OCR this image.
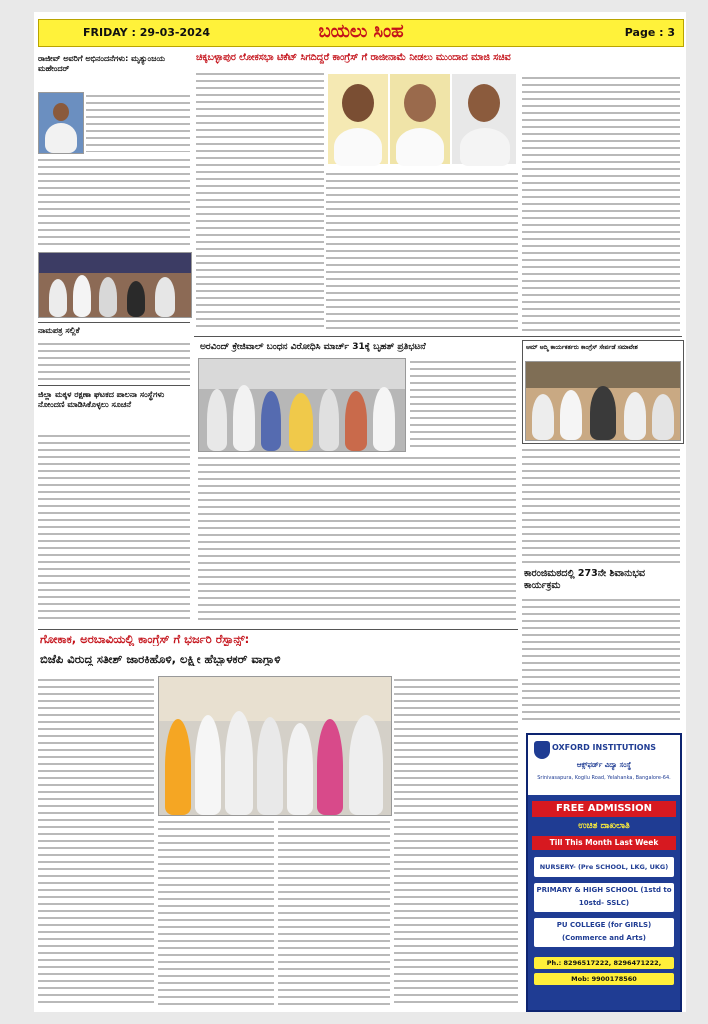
FRIDAY : 29-03-2024	ಬಯಲು ಸಿಂಹ	Page : 3
ರಾಜೀವ್ ಅವರಿಗೆ ಅಭಿನಂದನೆಗಳು: ಮೃತ್ಯುಂಜಯ ಮಹೇಂದರ್
ನಾಮಪತ್ರ ಸಲ್ಲಿಕೆ
ಜಿಲ್ಲಾ ಮಕ್ಕಳ ರಕ್ಷಣಾ ಘಟಕದ ಪಾಲನಾ ಸಂಸ್ಥೆಗಳು ನೋಂದಣಿ ಮಾಡಿಸಿಕೊಳ್ಳಲು ಸೂಚನೆ
ಚಿಕ್ಕಬಳ್ಳಾಪುರ ಲೋಕಸಭಾ ಟಿಕೆಟ್ ಸಿಗದಿದ್ದರೆ ಕಾಂಗ್ರೆಸ್ ಗೆ ರಾಜೀನಾಮೆ ನೀಡಲು ಮುಂದಾದ ಮಾಜಿ ಸಚಿವ
ಅರವಿಂದ್ ಕ್ರೇಜಿವಾಲ್ ಬಂಧನ ವಿರೋಧಿಸಿ ಮಾರ್ಚ್ 31ಕ್ಕೆ ಬೃಹತ್ ಪ್ರತಿಭಟನೆ	ಆಮ್ ಆದ್ಮಿ ಕಾರ್ಯಕರ್ತರು ಕಾಂಗ್ರೆಸ್ ಸೇರ್ಪಡೆ ಸಮಾವೇಶ
ಕಾರಂಜಿಮಠದಲ್ಲಿ 273ನೇ ಶಿವಾನುಭವ ಕಾರ್ಯಕ್ರಮ
ಗೋಕಾಕ, ಅರಬಾವಿಯಲ್ಲಿ ಕಾಂಗ್ರೆಸ್ ಗೆ ಭರ್ಜರಿ ರೆಸ್ಪಾನ್ಸ್:
ಬಿಜೆಪಿ ವಿರುದ್ಧ ಸತೀಶ್ ಜಾರಕಿಹೊಳಿ, ಲಕ್ಷ್ಮೀ ಹೆಬ್ಬಾಳಕರ್ ವಾಗ್ದಾಳಿ
OXFORD INSTITUTIONS
ಆಕ್ಸ್‌ಫರ್ಡ್ ವಿದ್ಯಾ ಸಂಸ್ಥೆ
Srinivasapura, Kogilu Road, Yelahanka, Bangalore-64.
FREE ADMISSION
ಉಚಿತ ದಾಖಲಾತಿ
Till This Month Last Week
NURSERY- (Pre SCHOOL, LKG, UKG)
PRIMARY & HIGH SCHOOL (1std to 10std- SSLC)
PU COLLEGE (for GIRLS) (Commerce and Arts)
Ph.: 8296517222, 8296471222,
Mob: 9900178560
